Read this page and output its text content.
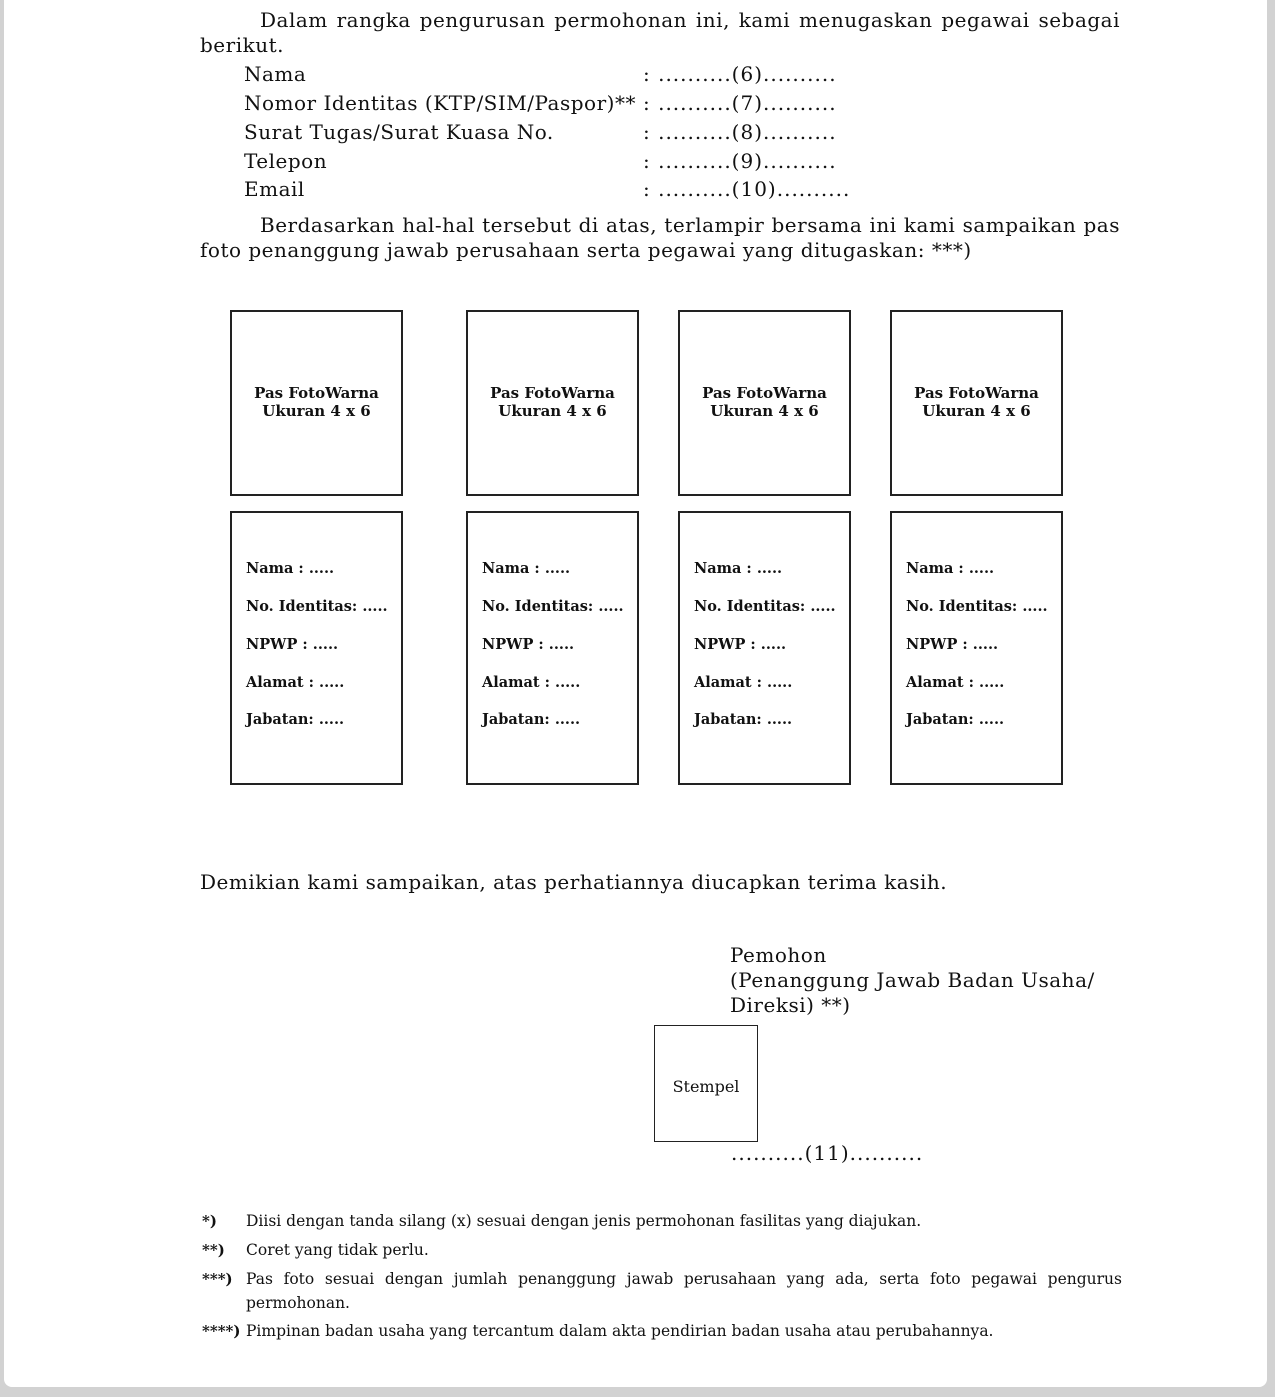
Dalam rangka pengurusan permohonan ini, kami menugaskan pegawai sebagai
berikut.
Nama	: ..........(6)..........
Nomor Identitas (KTP/SIM/Paspor)** : ..........(7)..........
Surat Tugas/Surat Kuasa No.	: ..........(8)..........
Telepon	: ..........(9)..........
Email	: ..........(10)..........
Berdasarkan hal-hal tersebut di atas, terlampir bersama ini kami sampaikan pas
foto penanggung jawab perusahaan serta pegawai yang ditugaskan: ***)
Pas FotoWarna
Ukuran 4 x 6
Pas FotoWarna
Ukuran 4 x 6
Pas FotoWarna
Ukuran 4 x 6
Pas FotoWarna
Ukuran 4 x 6
Nama : .....
No. Identitas: .....
NPWP : .....
Alamat : .....
Jabatan: .....
Nama : .....
No. Identitas: .....
NPWP : .....
Alamat : .....
Jabatan: .....
Nama : .....
No. Identitas: .....
NPWP : .....
Alamat : .....
Jabatan: .....
Nama : .....
No. Identitas: .....
NPWP : .....
Alamat : .....
Jabatan: .....
Demikian kami sampaikan, atas perhatiannya diucapkan terima kasih.
Pemohon
(Penanggung Jawab Badan Usaha/
Direksi) **)
Stempel
..........(11)..........
*) Diisi dengan tanda silang (x) sesuai dengan jenis permohonan fasilitas yang diajukan.
**) Coret yang tidak perlu.
***) Pas foto sesuai dengan jumlah penanggung jawab perusahaan yang ada, serta foto pegawai pengurus permohonan.
****) Pimpinan badan usaha yang tercantum dalam akta pendirian badan usaha atau perubahannya.
